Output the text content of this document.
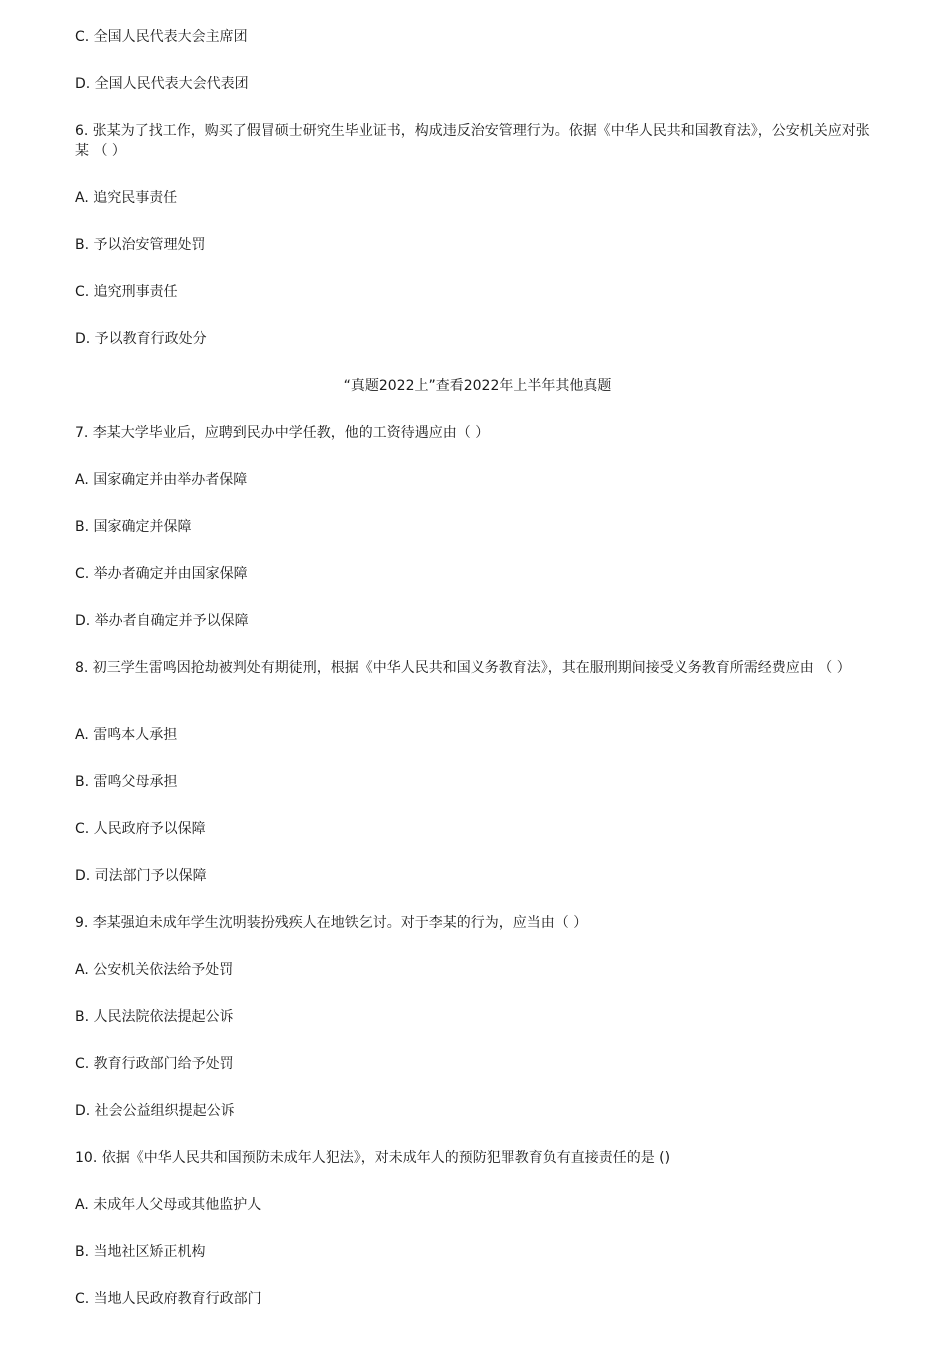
C. 全国人民代表大会主席团
D. 全国人民代表大会代表团
6. 张某为了找工作，购买了假冒硕士研究生毕业证书，构成违反治安管理行为。依据《中华人民共和国教育法》，公安机关应对张某 （ ）
A. 追究民事责任
B. 予以治安管理处罚
C. 追究刑事责任
D. 予以教育行政处分
“真题2022上”查看2022年上半年其他真题
7. 李某大学毕业后，应聘到民办中学任教，他的工资待遇应由（ ）
A. 国家确定并由举办者保障
B. 国家确定并保障
C. 举办者确定并由国家保障
D. 举办者自确定并予以保障
8. 初三学生雷鸣因抢劫被判处有期徒刑，根据《中华人民共和国义务教育法》，其在服刑期间接受义务教育所需经费应由 （ ）
A. 雷鸣本人承担
B. 雷鸣父母承担
C. 人民政府予以保障
D. 司法部门予以保障
9. 李某强迫未成年学生沈明装扮残疾人在地铁乞讨。对于李某的行为，应当由（ ）
A. 公安机关依法给予处罚
B. 人民法院依法提起公诉
C. 教育行政部门给予处罚
D. 社会公益组织提起公诉
10. 依据《中华人民共和国预防未成年人犯法》，对未成年人的预防犯罪教育负有直接责任的是 ()
A. 未成年人父母或其他监护人
B. 当地社区矫正机构
C. 当地人民政府教育行政部门
